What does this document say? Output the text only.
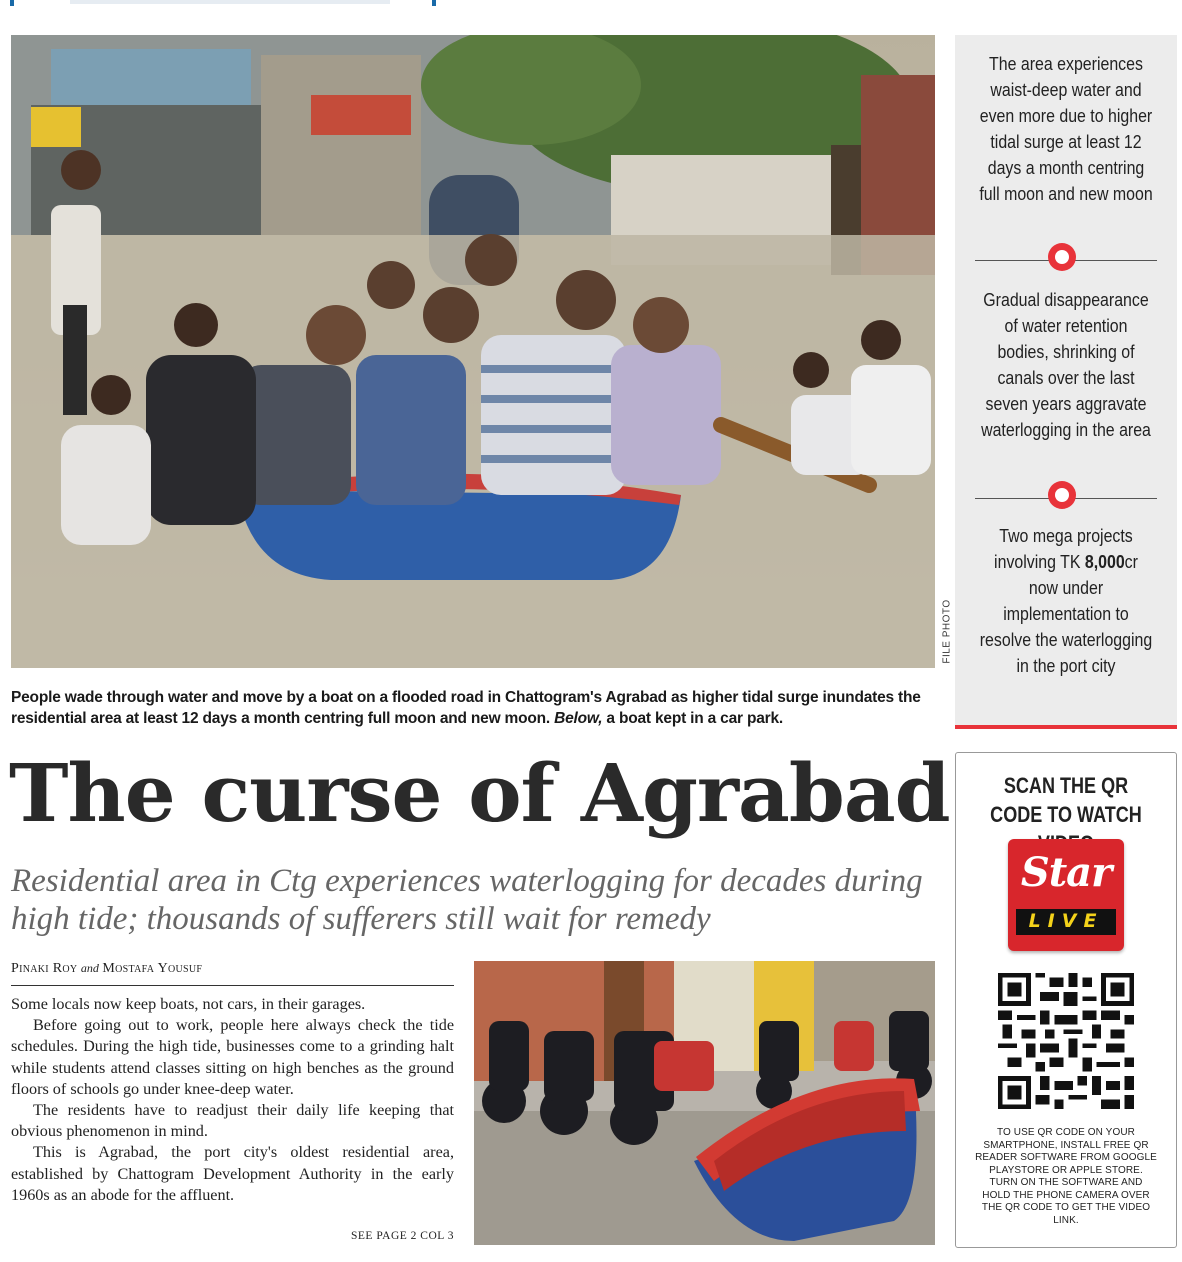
FILE PHOTO
People wade through water and move by a boat on a flooded road in Chattogram's Agrabad as higher tidal surge inundates the residential area at least 12 days a month centring full moon and new moon. Below, a boat kept in a car park.
The curse of Agrabad
Residential area in Ctg experiences waterlogging for decades during high tide; thousands of sufferers still wait for remedy
Pinaki Roy and Mostafa Yousuf

Some locals now keep boats, not cars, in their garages.

Before going out to work, people here always check the tide schedules. During the high tide, businesses come to a grinding halt while students attend classes sitting on high benches as the ground floors of schools go under knee-deep water.

The residents have to readjust their daily life keeping that obvious phenomenon in mind.

This is Agrabad, the port city's oldest residential area, established by Chattogram Development Authority in the early 1960s as an abode for the affluent.

SEE PAGE 2 COL 3
The area experiences waist-deep water and even more due to higher tidal surge at least 12 days a month centring full moon and new moon
Gradual disappearance of water retention bodies, shrinking of canals over the last seven years aggravate waterlogging in the area
Two mega projects involving TK 8,000cr now under implementation to resolve the waterlogging in the port city
SCAN THE QR CODE TO WATCH
Star
LIVE
TO USE QR CODE ON YOUR SMARTPHONE, INSTALL FREE QR READER SOFTWARE FROM GOOGLE PLAYSTORE OR APPLE STORE. TURN ON THE SOFTWARE AND HOLD THE PHONE CAMERA OVER THE QR CODE TO GET THE VIDEO LINK.
